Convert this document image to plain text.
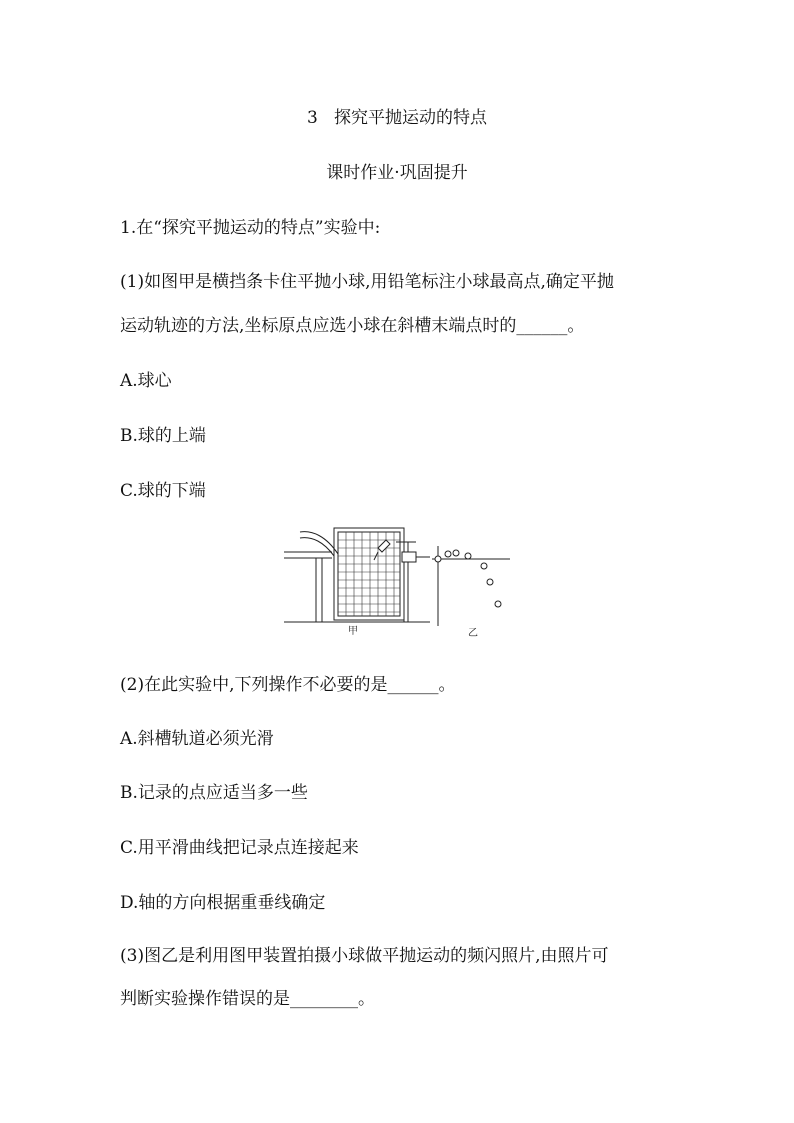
3 探究平抛运动的特点
课时作业·巩固提升
1.在“探究平抛运动的特点”实验中:
(1)如图甲是横挡条卡住平抛小球,用铅笔标注小球最高点,确定平抛
运动轨迹的方法,坐标原点应选小球在斜槽末端点时的______。
A.球心
B.球的上端
C.球的下端
甲	乙
(2)在此实验中,下列操作不必要的是______。
A.斜槽轨道必须光滑
B.记录的点应适当多一些
C.用平滑曲线把记录点连接起来
D.轴的方向根据重垂线确定
(3)图乙是利用图甲装置拍摄小球做平抛运动的频闪照片,由照片可
判断实验操作错误的是________。
